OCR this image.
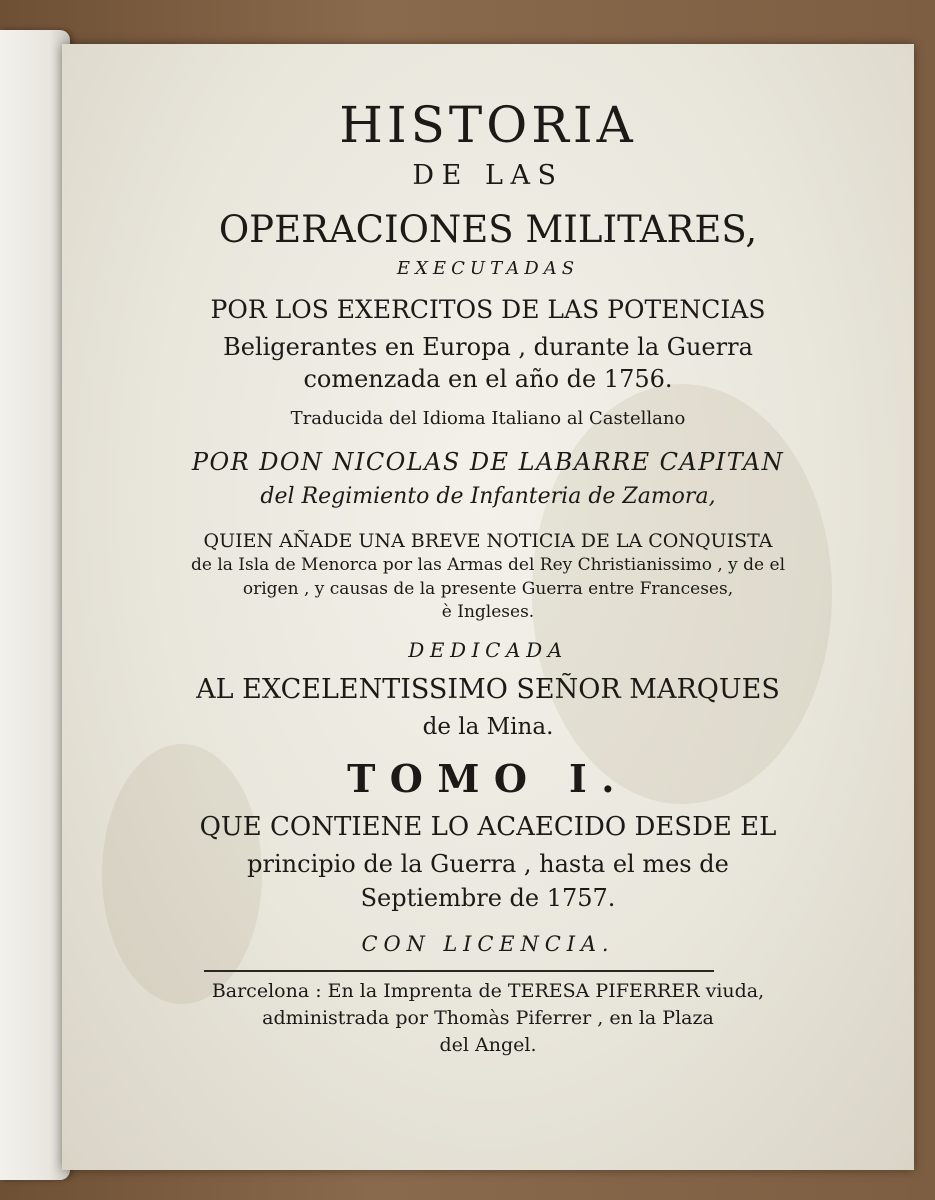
HISTORIA

DE LAS

OPERACIONES MILITARES,

EXECUTADAS

POR LOS EXERCITOS DE LAS POTENCIAS

Beligerantes en Europa , durante la Guerra

comenzada en el año de 1756.

Traducida del Idioma Italiano al Castellano

POR DON NICOLAS DE LABARRE CAPITAN

del Regimiento de Infanteria de Zamora,

QUIEN AÑADE UNA BREVE NOTICIA DE LA CONQUISTA

de la Isla de Menorca por las Armas del Rey Christianissimo , y de el

origen , y causas de la presente Guerra entre Franceses,

è Ingleses.

DEDICADA

AL EXCELENTISSIMO SEÑOR MARQUES

de la Mina.

TOMO I.

QUE CONTIENE LO ACAECIDO DESDE EL

principio de la Guerra , hasta el mes de

Septiembre de 1757.

CON LICENCIA.

Barcelona : En la Imprenta de TERESA PIFERRER viuda,

administrada por Thomàs Piferrer , en la Plaza

del Angel.
